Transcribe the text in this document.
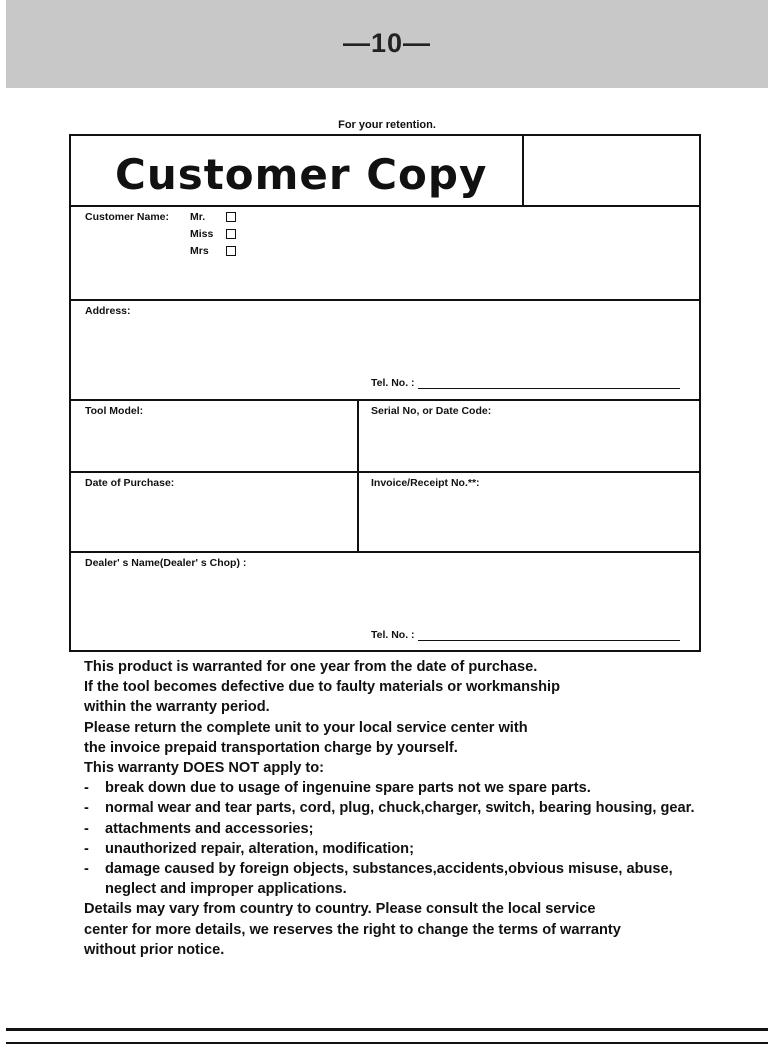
—10—
For your retention.
Customer Copy
Customer Name: Mr.
Miss
Mrs
Address:
Tel. No. :
Tool Model:	Serial No, or Date Code:
Date of Purchase:	Invoice/Receipt No.**:
Dealer' s Name(Dealer' s Chop) :
Tel. No. :

This product is warranted for one year from the date of purchase.

If the tool becomes defective due to faulty materials or workmanship

within the warranty period.

Please return the complete unit to your local service center with

the invoice prepaid transportation charge by yourself.

This warranty DOES NOT apply to:

-	break down due to usage of ingenuine spare parts not we spare parts.
-	normal wear and tear parts, cord, plug, chuck,charger, switch, bearing housing, gear.
-	attachments and accessories;
-	unauthorized repair, alteration, modification;
-	damage caused by foreign objects, substances,accidents,obvious misuse, abuse, neglect and improper applications.

Details may vary from country to country. Please consult the local service

center for more details, we reserves the right to change the terms of warranty

without prior notice.
